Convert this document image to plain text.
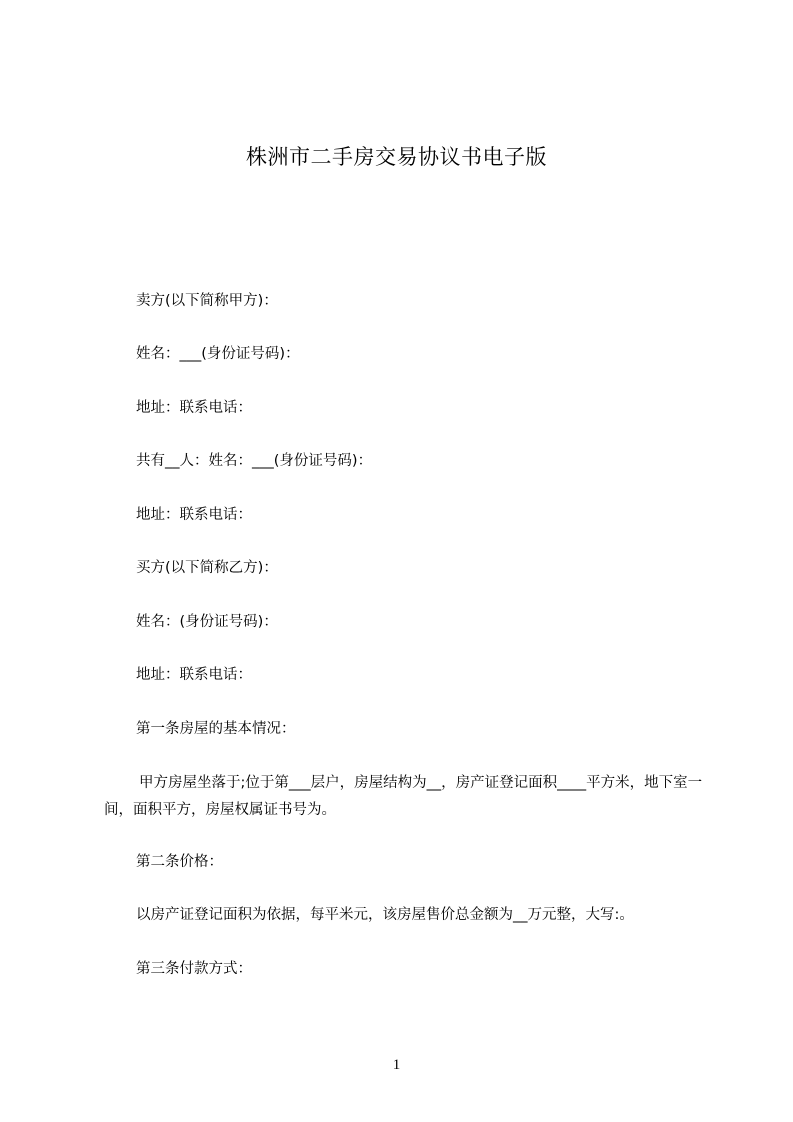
株洲市二手房交易协议书电子版
卖方(以下简称甲方)：
姓名：___(身份证号码)：
地址：联系电话：
共有__人：姓名：___(身份证号码)：
地址：联系电话：
买方(以下简称乙方)：
姓名：(身份证号码)：
地址：联系电话：
第一条房屋的基本情况：
甲方房屋坐落于;位于第___层户，房屋结构为__，房产证登记面积____平方米，地下室一间，面积平方，房屋权属证书号为。
第二条价格：
以房产证登记面积为依据，每平米元，该房屋售价总金额为__万元整，大写:。
第三条付款方式：
1
